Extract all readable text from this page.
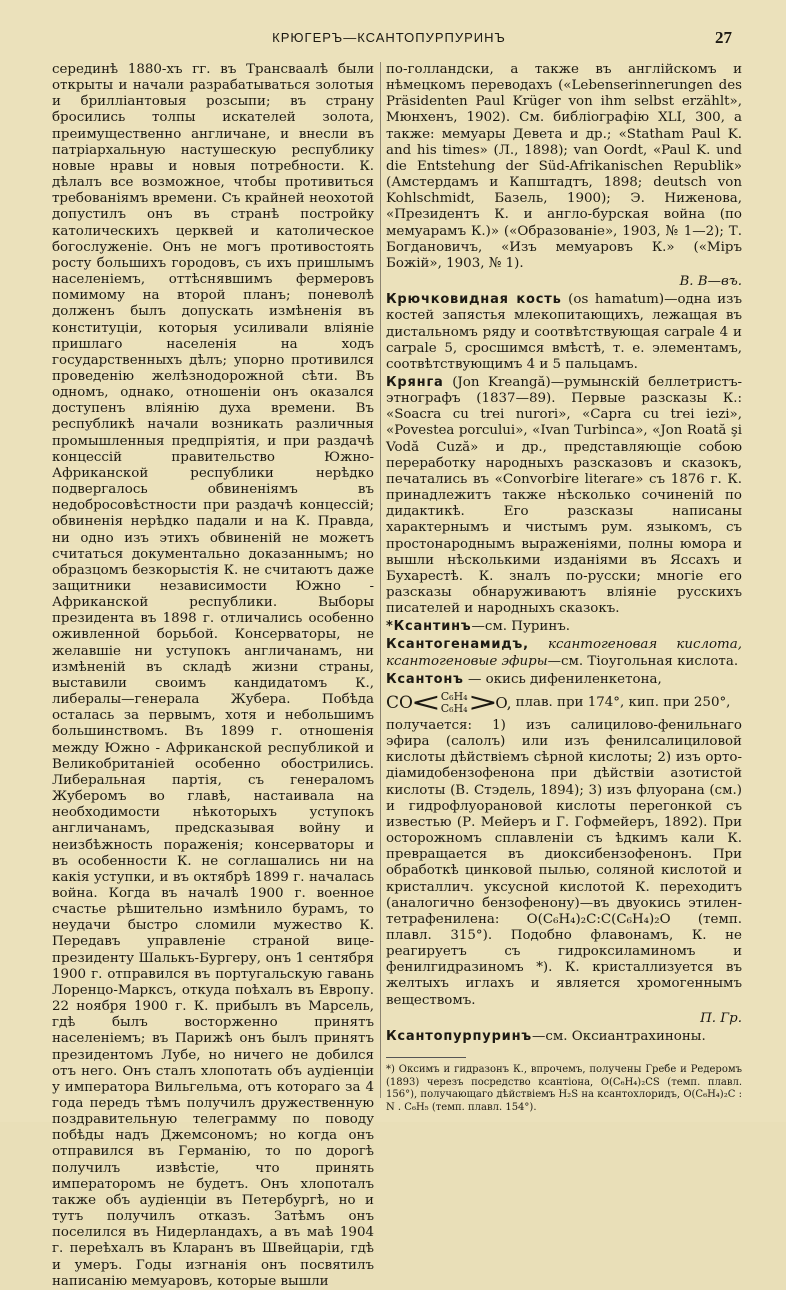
КРЮГЕРЪ—КСАНТОПУРПУРИНЪ	27

серединѣ 1880-хъ гг. въ Трансваалѣ были открыты и начали разрабатываться золотыя и бриллiантовыя розсыпи; въ страну бросились толпы искателей золота, преимущественно англичане, и внесли въ патрiархальную настушескую республику новые нравы и новыя потребности. К. дѣлалъ все возможное, чтобы противиться требованiямъ времени. Съ крайней неохотой допустилъ онъ въ странѣ постройку католическихъ церквей и католическое богослуженiе. Онъ не могъ противостоять росту большихъ городовъ, съ ихъ пришлымъ населенiемъ, оттѣснявшимъ фермеровъ помимому на второй планъ; поневолѣ долженъ былъ допускать измѣненiя въ конституцiи, которыя усиливали влiянiе пришлаго населенiя на ходъ государственныхъ дѣлъ; упорно противился проведенiю желѣзнодорожной сѣти. Въ одномъ, однако, отношенiи онъ оказался доступенъ влiянiю духа времени. Въ республикѣ начали возникать различныя промышленныя предпрiятiя, и при раздачѣ концессiй правительство Южно-Африканской республики нерѣдко подвергалось обвиненiямъ въ недобросовѣстности при раздачѣ концессiй; обвиненiя нерѣдко падали и на К. Правда, ни одно изъ этихъ обвиненiй не можетъ считаться документально доказаннымъ; но образцомъ безкорыстiя К. не считаютъ даже защитники независимости Южно - Африканской республики. Выборы президента въ 1898 г. отличались особенно оживленной борьбой. Консерваторы, не желавшiе ни уступокъ англичанамъ, ни измѣненiй въ складѣ жизни страны, выставили своимъ кандидатомъ К., либералы—генерала Жубера. Побѣда осталась за первымъ, хотя и небольшимъ большинствомъ. Въ 1899 г. отношенiя между Южно - Африканской республикой и Великобританiей особенно обострились. Либеральная партiя, съ генераломъ Жуберомъ во главѣ, настаивала на необходимости нѣкоторыхъ уступокъ англичанамъ, предсказывая войну и неизбѣжность пораженiя; консерваторы и въ особенности К. не соглашались ни на какiя уступки, и въ октябрѣ 1899 г. началась война. Когда въ началѣ 1900 г. военное счастье рѣшительно измѣнило бурамъ, то неудачи быстро сломили мужество К. Передавъ управленiе страной вице-президенту Шалькъ-Бургеру, онъ 1 сентября 1900 г. отправился въ португальскую гавань Лоренцо-Марксъ, откуда поѣхалъ въ Европу. 22 ноября 1900 г. К. прибылъ въ Марсель, гдѣ былъ восторженно принятъ населенiемъ; въ Парижѣ онъ былъ принятъ президентомъ Лубе, но ничего не добился отъ него. Онъ сталъ хлопотать объ аудiенцiи у императора Вильгельма, отъ котораго за 4 года передъ тѣмъ получилъ дружественную поздравительную телеграмму по поводу побѣды надъ Джемсономъ; но когда онъ отправился въ Германiю, то по дорогѣ получилъ извѣстiе, что принять императоромъ не будетъ. Онъ хлопоталъ также объ аудiенцiи въ Петербургѣ, но и тутъ получилъ отказъ. Затѣмъ онъ поселился въ Нидерландахъ, а въ маѣ 1904 г. переѣхалъ въ Кларанъ въ Швейцарiи, гдѣ и умеръ. Годы изгнанiя онъ посвятилъ написанiю мемуаровъ, которые вышли

по-голландски, а также въ англiйскомъ и нѣмецкомъ переводахъ («Lebenserinnerungen des Präsidenten Paul Krüger von ihm selbst erzählt», Мюнхенъ, 1902). См. библiографiю XLI, 300, а также: мемуары Девета и др.; «Statham Paul K. and his times» (Л., 1898); van Oordt, «Paul K. und die Entstehung der Süd-Afrikanischen Republik» (Амстердамъ и Капштадтъ, 1898; deutsch von Kohlschmidt, Базель, 1900); Э. Ниженова, «Президентъ К. и англо-бурская война (по мемуарамъ К.)» («Образованiе», 1903, № 1—2); Т. Богдановичъ, «Изъ мемуаровъ К.» («Мiръ Божiй», 1903, № 1).

В. В—въ.

Крючковидная кость (os hamatum)—одна изъ костей запястья млекопитающихъ, лежащая въ дистальномъ ряду и соотвѣтствующая carpale 4 и carpale 5, сросшимся вмѣстѣ, т. е. элементамъ, соотвѣтствующимъ 4 и 5 пальцамъ.

Крянга (Jon Kreangă)—румынскiй беллетристъ-этнографъ (1837—89). Первые разсказы К.: «Soacra cu trei nurori», «Capra cu trei iezi», «Povestea porcului», «Ivan Turbinca», «Jon Roată şi Vodă Cuză» и др., представляющiе собою переработку народныхъ разсказовъ и сказокъ, печатались въ «Convorbire literare» съ 1876 г. К. принадлежитъ также нѣсколько сочиненiй по дидактикѣ. Его разсказы написаны характернымъ и чистымъ рум. языкомъ, съ простонароднымъ выраженiями, полны юмора и вышли нѣсколькими изданiями въ Яссахъ и Бухарестѣ. К. зналъ по-русски; многiе его разсказы обнаруживаютъ влiянiе русскихъ писателей и народныхъ сказокъ.

*Ксантинъ—см. Пуринъ.

Ксантогенамидъ, ксантогеновая кислота, ксантогеновые эфиры—см. Тiоугольная кислота.

Ксантонъ — окись дифениленкетона,

CO
< C₆H₄
C₆H₄ >
O, плав. при 174°, кип. при 250°,

получается: 1) изъ салицилово-фенильнаго эфира (салолъ) или изъ фенилсалициловой кислоты дѣйствiемъ сѣрной кислоты; 2) изъ орто-дiамидобензофенона при дѣйствiи азотистой кислоты (В. Стэдель, 1894); 3) изъ флуорана (см.) и гидрофлуорановой кислоты перегонкой съ известью (Р. Мейеръ и Г. Гофмейеръ, 1892). При осторожномъ сплавленiи съ ѣдкимъ кали К. превращается въ диоксибензофенонъ. При обработкѣ цинковой пылью, соляной кислотой и кристаллич. уксусной кислотой К. переходитъ (аналогично бензофенону)—въ двуокись этилен-тетрафенилена: O(C₆H₄)₂C:C(C₆H₄)₂O (темп. плавл. 315°). Подобно флавонамъ, К. не реагируетъ съ гидроксиламиномъ и фенилгидразиномъ *). К. кристаллизуется въ желтыхъ иглахъ и является хромогеннымъ веществомъ.

П. Гр.

Ксантопурпуринъ—см. Оксиантрахиноны.

*) Оксимъ и гидразонъ К., впрочемъ, получены Гребе и Редеромъ (1893) черезъ посредство ксантiона, O(C₆H₄)₂CS (темп. плавл. 156°), получающаго дѣйствiемъ H₂S на ксантохлоридъ, O(C₆H₄)₂C : N . C₆H₅ (темп. плавл. 154°).
